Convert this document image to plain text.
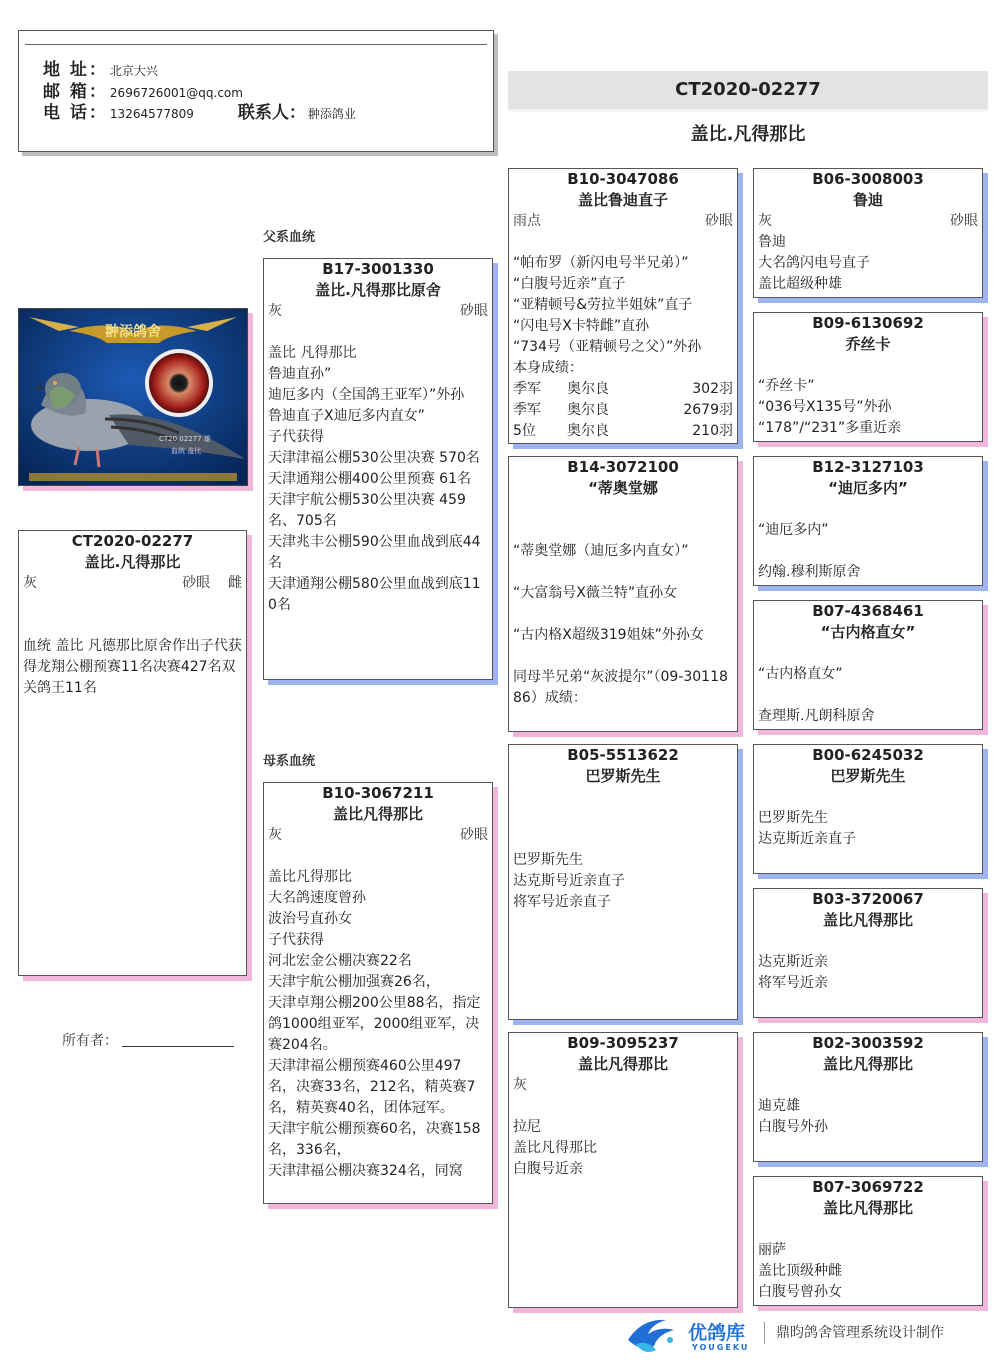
地 址： 北京大兴
邮 箱： 2696726001@qq.com
电 话： 13264577809	联系人： 翀添鸽业
CT2020-02277
盖比.凡得那比
父系血统
母系血统
翀添鸽舍
CT20 02277 雄
血统 盖比
CT2020-02277
盖比.凡得那比
灰	砂眼 雌
血统 盖比 凡德那比原舍作出子代获得龙翔公棚预赛11名决赛427名双关鸽王11名
所有者：
B17-3001330
盖比.凡得那比原舍
灰	砂眼
盖比 凡得那比
鲁迪直孙”
迪厄多内（全国鸽王亚军）”外孙
鲁迪直子X迪厄多内直女”
子代获得
天津津福公棚530公里决赛 570名
天津通翔公棚400公里预赛 61名
天津宇航公棚530公里决赛 459名、705名
天津兆丰公棚590公里血战到底44名
天津通翔公棚580公里血战到底110名
B10-3067211
盖比凡得那比
灰	砂眼
盖比凡得那比
大名鸽速度曾孙
波治号直孙女
子代获得
河北宏金公棚决赛22名
天津宇航公棚加强赛26名，
天津卓翔公棚200公里88名，指定鸽1000组亚军，2000组亚军，决赛204名。
天津津福公棚预赛460公里497名，决赛33名，212名，精英赛7名，精英赛40名，团体冠军。
天津宇航公棚预赛60名，决赛158名，336名，
天津津福公棚决赛324名，同窝
B10-3047086
盖比鲁迪直子
雨点	砂眼
“帕布罗（新闪电号半兄弟）”
“白腹号近亲”直子
“亚精顿号&劳拉半姐妹”直子
“闪电号X卡特雌”直孙
“734号（亚精顿号之父）”外孙
本身成绩：
季军	奥尔良	302羽
季军	奥尔良	2679羽
5位	奥尔良	210羽
B14-3072100
“蒂奥堂娜
“蒂奥堂娜（迪厄多内直女）”
“大富翁号X薇兰特”直孙女
“古内格X超级319姐妹”外孙女
同母半兄弟“灰波提尔”（09-3011886）成绩：
B05-5513622
巴罗斯先生
巴罗斯先生
达克斯号近亲直子
将军号近亲直子
B09-3095237
盖比凡得那比
灰
拉尼
盖比凡得那比
白腹号近亲
B06-3008003
鲁迪
灰	砂眼
鲁迪
大名鸽闪电号直子
盖比超级种雄
B09-6130692
乔丝卡
“乔丝卡”
“036号X135号”外孙
“178”/“231”多重近亲
B12-3127103
“迪厄多内”
“迪厄多内”
约翰.穆利斯原舍
B07-4368461
“古内格直女”
“古内格直女”
查理斯.凡朗科原舍
B00-6245032
巴罗斯先生
巴罗斯先生
达克斯近亲直子
B03-3720067
盖比凡得那比
达克斯近亲
将军号近亲
B02-3003592
盖比凡得那比
迪克雄
白腹号外孙
B07-3069722
盖比凡得那比
丽萨
盖比顶级种雌
白腹号曾孙女
优鸽库
YOUGEKU
鼎昀鸽舍管理系统设计制作
